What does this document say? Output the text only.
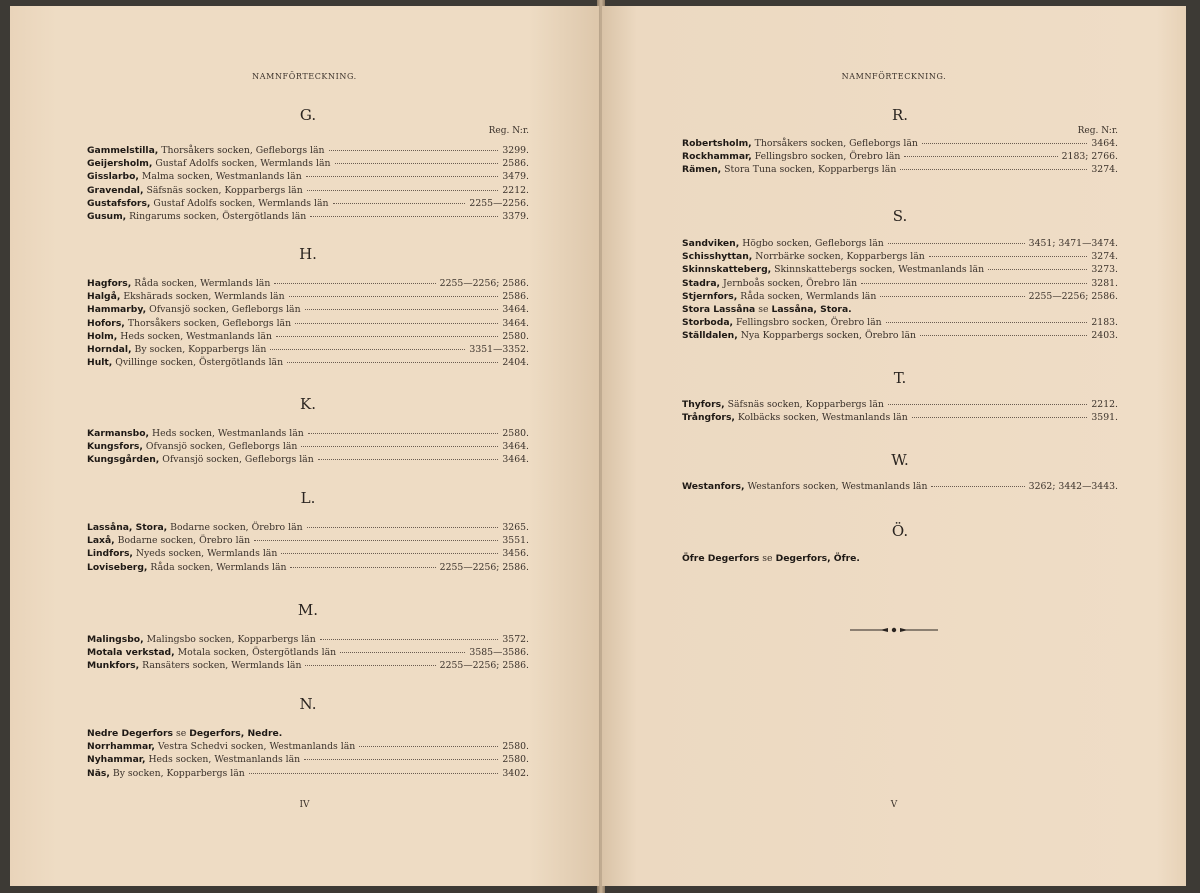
NAMNFÖRTECKNING.
Reg. N:r.
G.
Gammelstilla, Thorsåkers socken, Gefleborgs län	3299.
Geijersholm, Gustaf Adolfs socken, Wermlands län	2586.
Gisslarbo, Malma socken, Westmanlands län	3479.
Gravendal, Säfsnäs socken, Kopparbergs län	2212.
Gustafsfors, Gustaf Adolfs socken, Wermlands län	2255—2256.
Gusum, Ringarums socken, Östergötlands län	3379.
H.
Hagfors, Råda socken, Wermlands län	2255—2256; 2586.
Halgå, Ekshärads socken, Wermlands län	2586.
Hammarby, Ofvansjö socken, Gefleborgs län	3464.
Hofors, Thorsåkers socken, Gefleborgs län	3464.
Holm, Heds socken, Westmanlands län	2580.
Horndal, By socken, Kopparbergs län	3351—3352.
Hult, Qvillinge socken, Östergötlands län	2404.
K.
Karmansbo, Heds socken, Westmanlands län	2580.
Kungsfors, Ofvansjö socken, Gefleborgs län	3464.
Kungsgården, Ofvansjö socken, Gefleborgs län	3464.
L.
Lassåna, Stora, Bodarne socken, Örebro län	3265.
Laxå, Bodarne socken, Örebro län	3551.
Lindfors, Nyeds socken, Wermlands län	3456.
Loviseberg, Råda socken, Wermlands län	2255—2256; 2586.
M.
Malingsbo, Malingsbo socken, Kopparbergs län	3572.
Motala verkstad, Motala socken, Östergötlands län	3585—3586.
Munkfors, Ransäters socken, Wermlands län	2255—2256; 2586.
N.
Nedre Degerfors se Degerfors, Nedre.
Norrhammar, Vestra Schedvi socken, Westmanlands län	2580.
Nyhammar, Heds socken, Westmanlands län	2580.
Näs, By socken, Kopparbergs län	3402.
IV
NAMNFÖRTECKNING.
Reg. N:r.
R.
Robertsholm, Thorsåkers socken, Gefleborgs län	3464.
Rockhammar, Fellingsbro socken, Örebro län	2183; 2766.
Rämen, Stora Tuna socken, Kopparbergs län	3274.
S.
Sandviken, Högbo socken, Gefleborgs län	3451; 3471—3474.
Schisshyttan, Norrbärke socken, Kopparbergs län	3274.
Skinnskatteberg, Skinnskattebergs socken, Westmanlands län	3273.
Stadra, Jernboås socken, Örebro län	3281.
Stjernfors, Råda socken, Wermlands län	2255—2256; 2586.
Stora Lassåna se Lassåna, Stora.
Storboda, Fellingsbro socken, Örebro län	2183.
Ställdalen, Nya Kopparbergs socken, Örebro län	2403.
T.
Thyfors, Säfsnäs socken, Kopparbergs län	2212.
Trångfors, Kolbäcks socken, Westmanlands län	3591.
W.
Westanfors, Westanfors socken, Westmanlands län	3262; 3442—3443.
Ö.
Öfre Degerfors se Degerfors, Öfre.
V
